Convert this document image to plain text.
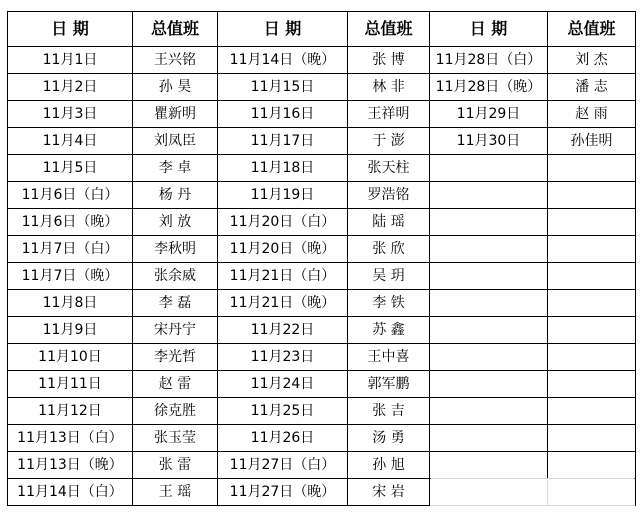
日 期	总值班	日 期	总值班	日 期	总值班
11月1日	王兴铭	11月14日（晚）	张 博	11月28日（白）	刘 杰
11月2日	孙 昊	11月15日	林 非	11月28日（晚）	潘 志
11月3日	瞿新明	11月16日	王祥明	11月29日	赵 雨
11月4日	刘凤臣	11月17日	于 澎	11月30日	孙佳明
11月5日	李 卓	11月18日	张天柱		
11月6日（白）	杨 丹	11月19日	罗浩铭		
11月6日（晚）	刘 放	11月20日（白）	陆 瑶		
11月7日（白）	李秋明	11月20日（晚）	张 欣		
11月7日（晚）	张余威	11月21日（白）	吴 玥		
11月8日	李 磊	11月21日（晚）	李 铁		
11月9日	宋丹宁	11月22日	苏 鑫		
11月10日	李光哲	11月23日	王中喜		
11月11日	赵 雷	11月24日	郭军鹏		
11月12日	徐克胜	11月25日	张 吉		
11月13日（白）	张玉莹	11月26日	汤 勇		
11月13日（晚）	张 雷	11月27日（白）	孙 旭		
11月14日（白）	王 瑶	11月27日（晚）	宋 岩		
